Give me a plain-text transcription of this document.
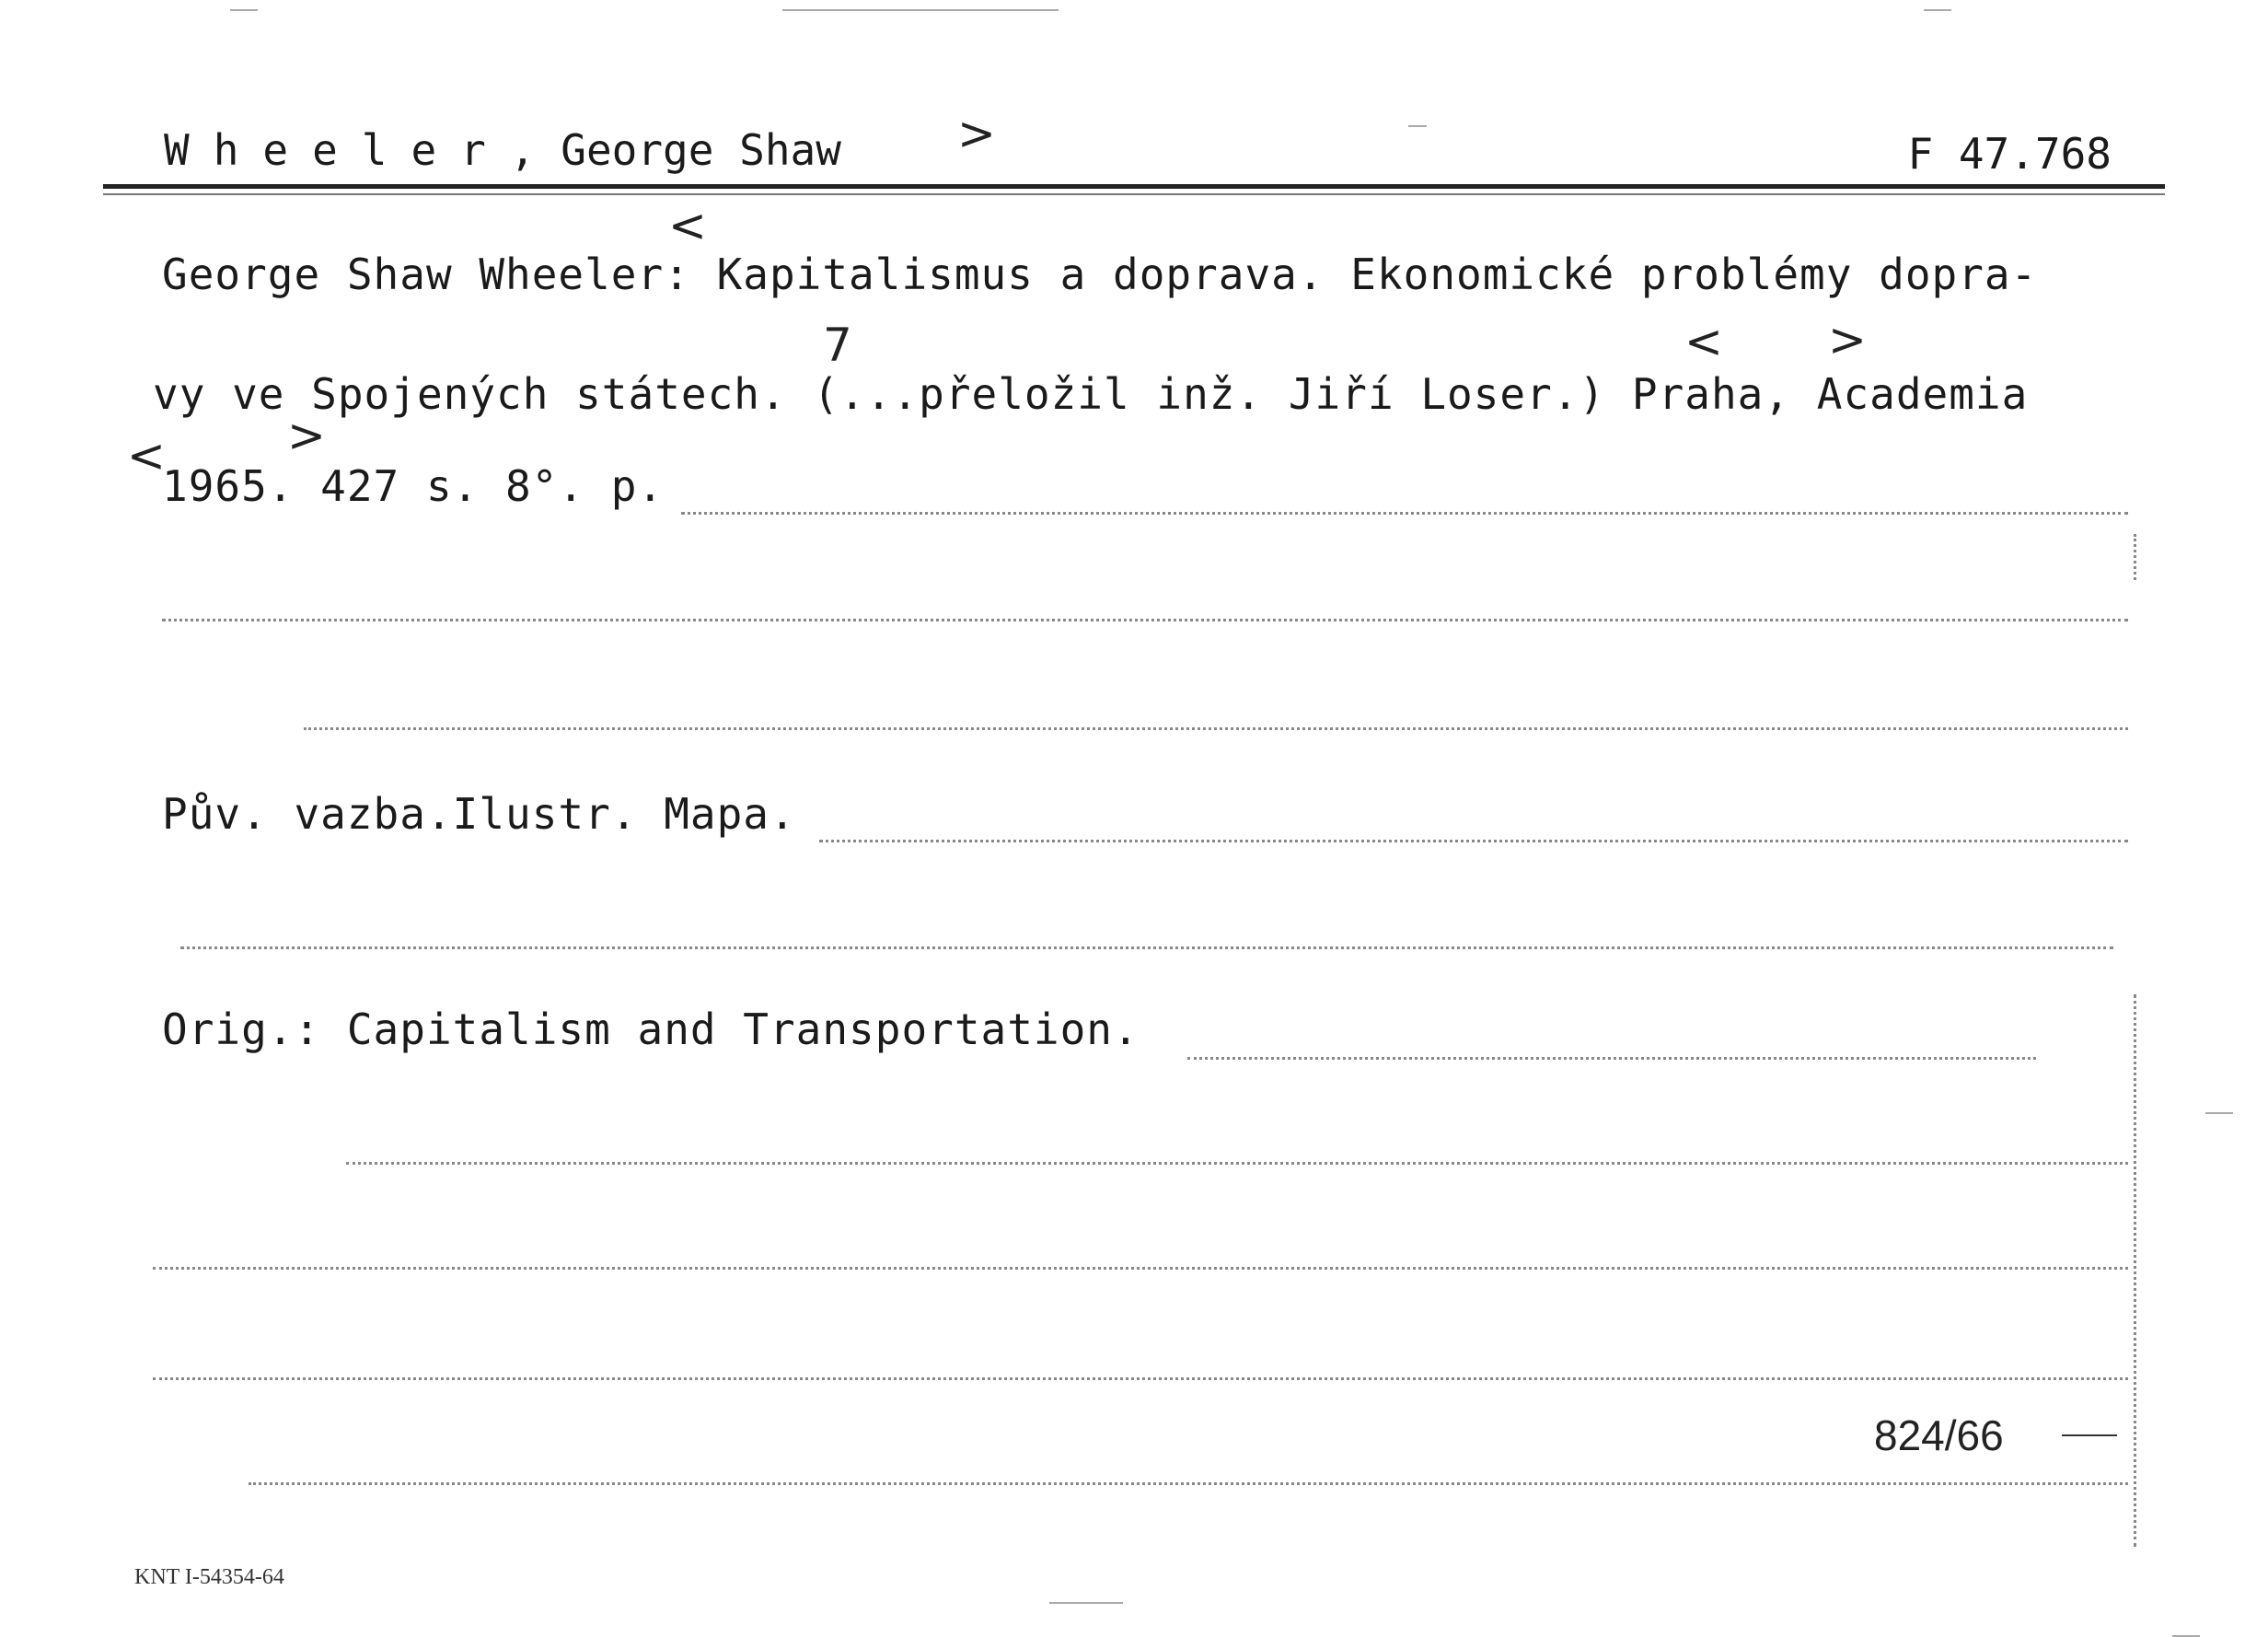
Wheeler, George Shaw	F 47.768
>
<
7	< >
<	>
George Shaw Wheeler: Kapitalismus a doprava. Ekonomické problémy dopra-
vy ve Spojených státech. (...přeložil inž. Jiří Loser.) Praha, Academia
1965. 427 s. 8°. p.
Pův. vazba.Ilustr. Mapa.
Orig.: Capitalism and Transportation.
824/66
KNT I-54354-64
